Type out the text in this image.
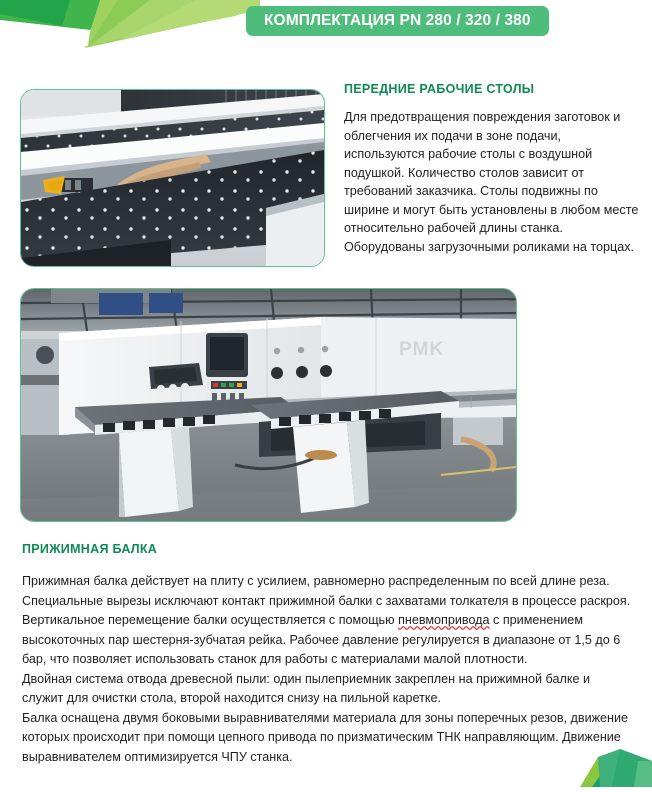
КОМПЛЕКТАЦИЯ PN 280 / 320 / 380
ПЕРЕДНИЕ РАБОЧИЕ СТОЛЫ
Для предотвращения повреждения заготовок и облегчения их подачи в зоне подачи, используются рабочие столы с воздушной подушкой. Количество столов зависит от требований заказчика. Столы подвижны по ширине и могут быть установлены в любом месте относительно рабочей длины станка. Оборудованы загрузочными роликами на торцах.
PMK
ПРИЖИМНАЯ БАЛКА
Прижимная балка действует на плиту с усилием, равномерно распределенным по всей длине реза.
Специальные вырезы исключают контакт прижимной балки с захватами толкателя в процессе раскроя.
Вертикальное перемещение балки осуществляется с помощью пневмопривода с применением высокоточных пар шестерня-зубчатая рейка. Рабочее давление регулируется в диапазоне от 1,5 до 6 бар, что позволяет использовать станок для работы с материалами малой плотности.
Двойная система отвода древесной пыли: один пылеприемник закреплен на прижимной балке и служит для очистки стола, второй находится снизу на пильной каретке.
Балка оснащена двумя боковыми выравнивателями материала для зоны поперечных резов, движение которых происходит при помощи цепного привода по призматическим ТНК направляющим. Движение выравнивателем оптимизируется ЧПУ станка.
